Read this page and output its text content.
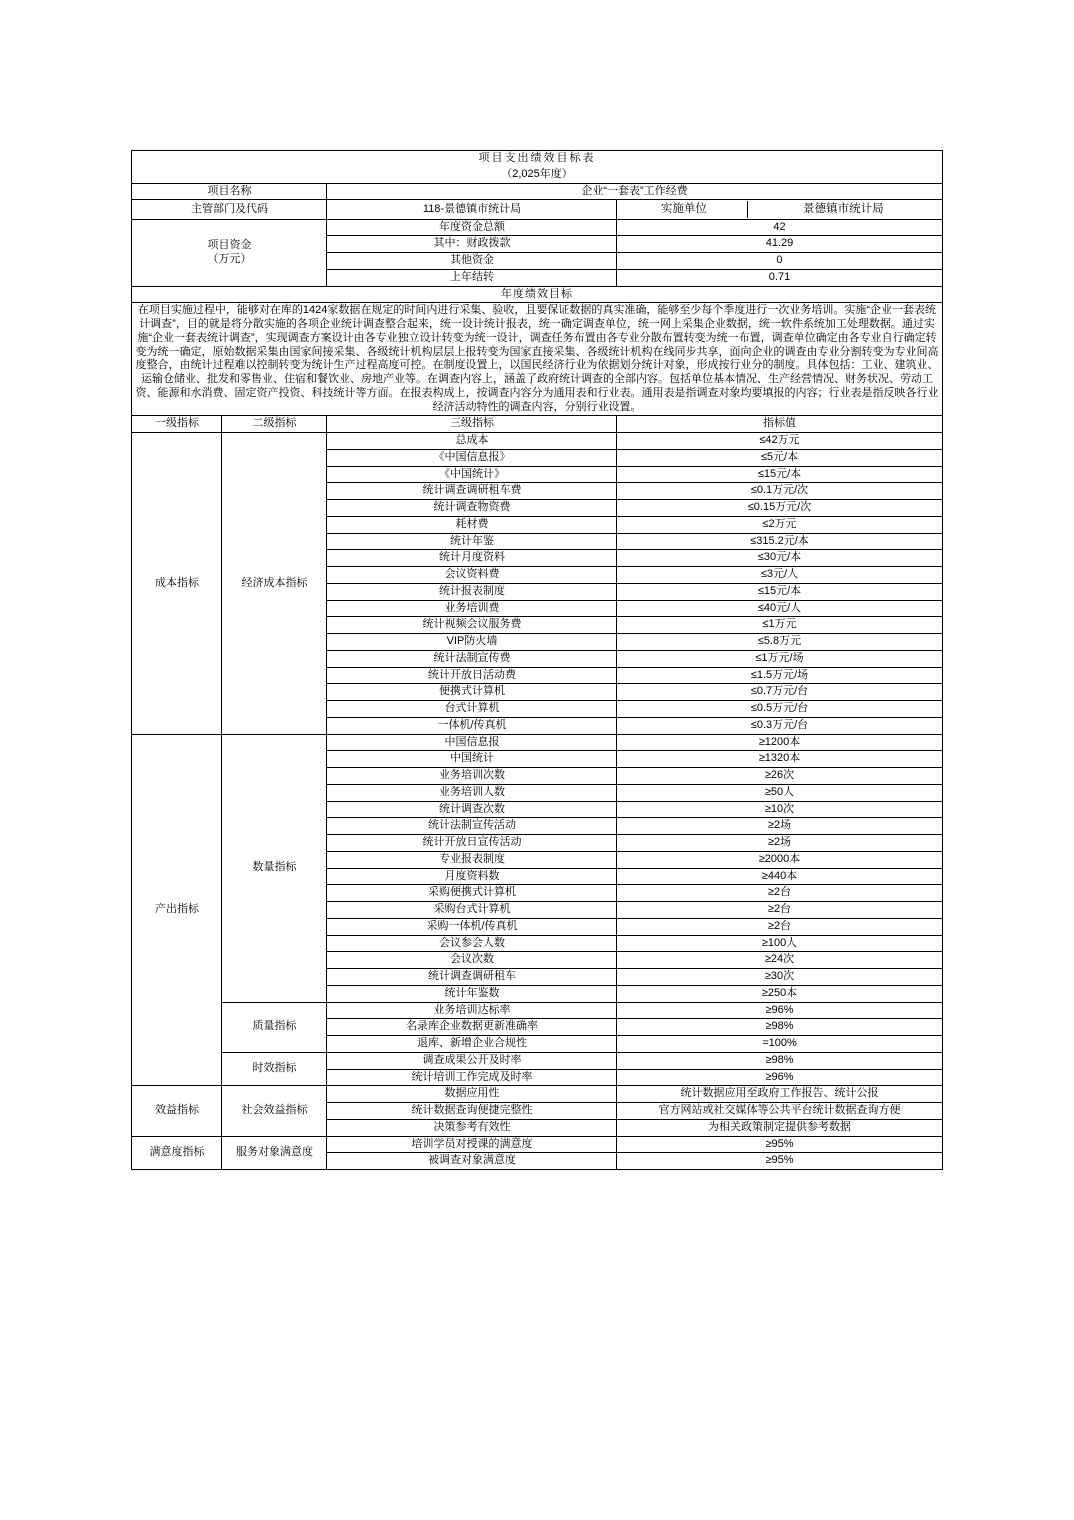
项目支出绩效目标表
（2,025年度）
项目名称	企业“一套表”工作经费
主管部门及代码	118-景德镇市统计局		实施单位	景德镇市统计局

项目资金
（万元）
	年度资金总额	42
其中：财政拨款	41.29
其他资金	0
上年结转	0.71
年度绩效目标

在项目实施过程中，能够对在库的1424家数据在规定的时间内进行采集、验收，且要保证数据的真实准确，能够至少每个季度进行一次业务培训。实施“企业一套表统计调查”，目的就是将分散实施的各项企业统计调查整合起来，统一设计统计报表，统一确定调查单位，统一网上采集企业数据，统一软件系统加工处理数据。通过实施“企业一套表统计调查”，实现调查方案设计由各专业独立设计转变为统一设计，调查任务布置由各专业分散布置转变为统一布置，调查单位确定由各专业自行确定转变为统一确定，原始数据采集由国家间接采集、各级统计机构层层上报转变为国家直接采集、各级统计机构在线同步共享，面向企业的调查由专业分割转变为专业间高度整合，由统计过程难以控制转变为统计生产过程高度可控。在制度设置上，以国民经济行业为依据划分统计对象，形成按行业分的制度。具体包括：工业、建筑业、运输仓储业、批发和零售业、住宿和餐饮业、房地产业等。在调查内容上，涵盖了政府统计调查的全部内容。包括单位基本情况、生产经营情况、财务状况、劳动工资、能源和水消费、固定资产投资、科技统计等方面。在报表构成上，按调查内容分为通用表和行业表。通用表是指调查对象均要填报的内容；行业表是指反映各行业经济活动特性的调查内容，分别行业设置。

一级指标	二级指标	三级指标	指标值
成本指标	经济成本指标	总成本	≤42万元
《中国信息报》	≤5元/本
《中国统计》	≤15元/本
统计调查调研租车费	≤0.1万元/次
统计调查物资费	≤0.15万元/次
耗材费	≤2万元
统计年鉴	≤315.2元/本
统计月度资料	≤30元/本
会议资料费	≤3元/人
统计报表制度	≤15元/本
业务培训费	≤40元/人
统计视频会议服务费	≤1万元
VIP防火墙	≤5.8万元
统计法制宣传费	≤1万元/场
统计开放日活动费	≤1.5万元/场
便携式计算机	≤0.7万元/台
台式计算机	≤0.5万元/台
一体机/传真机	≤0.3万元/台
产出指标	数量指标	中国信息报	≥1200本
中国统计	≥1320本
业务培训次数	≥26次
业务培训人数	≥50人
统计调查次数	≥10次
统计法制宣传活动	≥2场
统计开放日宣传活动	≥2场
专业报表制度	≥2000本
月度资料数	≥440本
采购便携式计算机	≥2台
采购台式计算机	≥2台
采购一体机/传真机	≥2台
会议参会人数	≥100人
会议次数	≥24次
统计调查调研租车	≥30次
统计年鉴数	≥250本
质量指标	业务培训达标率	≥96%
名录库企业数据更新准确率	≥98%
退库、新增企业合规性	=100%
时效指标	调查成果公开及时率	≥98%
统计培训工作完成及时率	≥96%
效益指标	社会效益指标	数据应用性	统计数据应用至政府工作报告、统计公报
统计数据查询便捷完整性	官方网站或社交媒体等公共平台统计数据查询方便
决策参考有效性	为相关政策制定提供参考数据
满意度指标	服务对象满意度	培训学员对授课的满意度	≥95%
被调查对象满意度	≥95%
